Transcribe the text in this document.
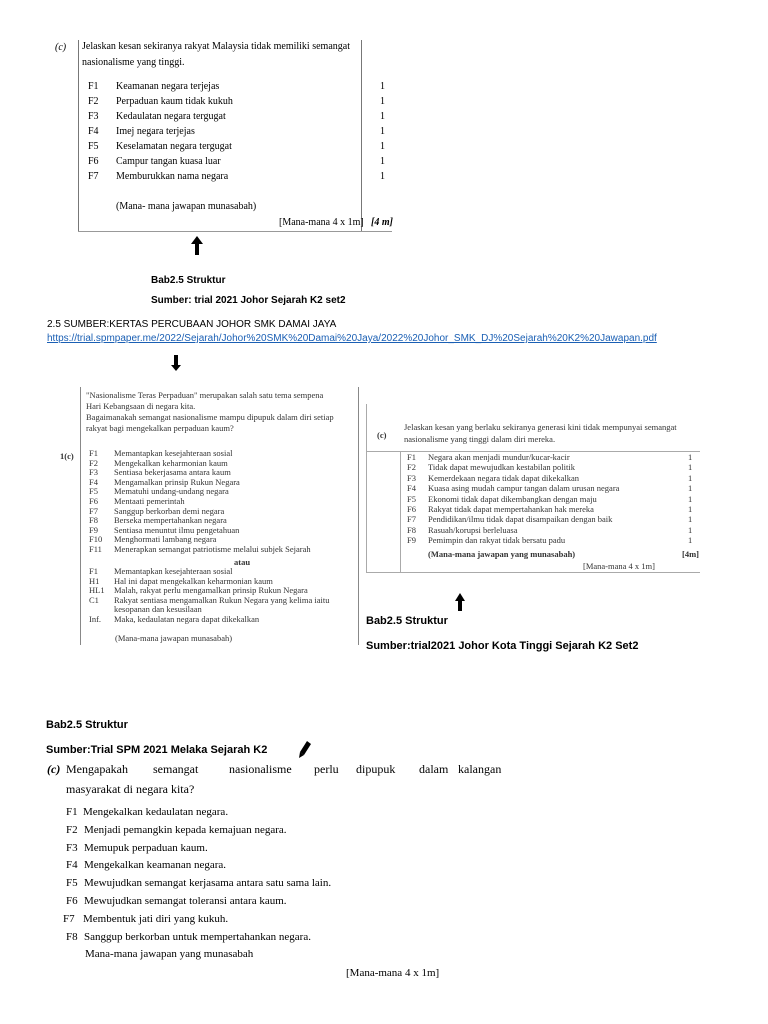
(c) Jelaskan kesan sekiranya rakyat Malaysia tidak memiliki semangat
nasionalisme yang tinggi.
F1 Keamanan negara terjejas	1
F2 Perpaduan kaum tidak kukuh	1
F3 Kedaulatan negara tergugat	1
F4 Imej negara terjejas	1
F5 Keselamatan negara tergugat	1
F6 Campur tangan kuasa luar	1
F7 Memburukkan nama negara	1
(Mana- mana jawapan munasabah)
[Mana-mana 4 x 1m] [4 m]
Bab2.5 Struktur
Sumber: trial 2021 Johor Sejarah K2 set2
2.5 SUMBER:KERTAS PERCUBAAN JOHOR SMK DAMAI JAYA
https://trial.spmpaper.me/2022/Sejarah/Johor%20SMK%20Damai%20Jaya/2022%20Johor_SMK_DJ%20Sejarah%20K2%20Jawapan.pdf
"Nasionalisme Teras Perpaduan" merupakan salah satu tema sempena
Hari Kebangsaan di negara kita.
Bagaimanakah semangat nasionalisme mampu dipupuk dalam diri setiap
rakyat bagi mengekalkan perpaduan kaum?
1(c) F1 Memantapkan kesejahteraan sosial
F2 Mengekalkan keharmonian kaum
F3 Sentiasa bekerjasama antara kaum
F4 Mengamalkan prinsip Rukun Negara
F5 Mematuhi undang-undang negara
F6 Mentaati pemerintah
F7 Sanggup berkorban demi negara
F8 Berseka mempertahankan negara
F9 Sentiasa menuntut ilmu pengetahuan
F10 Menghormati lambang negara
F11 Menerapkan semangat patriotisme melalui subjek Sejarah
atau
F1 Memantapkan kesejahteraan sosial
H1 Hal ini dapat mengekalkan keharmonian kaum
HL1 Malah, rakyat perlu mengamalkan prinsip Rukun Negara
C1 Rakyat sentiasa mengamalkan Rukun Negara yang kelima iaitu
kesopanan dan kesusilaan
Inf. Maka, kedaulatan negara dapat dikekalkan
(Mana-mana jawapan munasabah)
(c)
Jelaskan kesan yang berlaku sekiranya generasi kini tidak mempunyai semangat
nasionalisme yang tinggi dalam diri mereka.
F1 Negara akan menjadi mundur/kucar-kacir	1
F2 Tidak dapat mewujudkan kestabilan politik	1
F3 Kemerdekaan negara tidak dapat dikekalkan	1
F4 Kuasa asing mudah campur tangan dalam urusan negara	1
F5 Ekonomi tidak dapat dikembangkan dengan maju	1
F6 Rakyat tidak dapat mempertahankan hak mereka	1
F7 Pendidikan/ilmu tidak dapat disampaikan dengan baik	1
F8 Rasuah/korupsi berleluasa	1
F9 Pemimpin dan rakyat tidak bersatu padu	1
(Mana-mana jawapan yang munasabah)	[4m]
[Mana-mana 4 x 1m]
Bab2.5 Struktur
Sumber:trial2021 Johor Kota Tinggi Sejarah K2 Set2
Bab2.5 Struktur
Sumber:Trial SPM 2021 Melaka Sejarah K2
(c) Mengapakah semangat	nasionalisme perlu dipupuk dalam kalangan
masyarakat di negara kita?
F1 Mengekalkan kedaulatan negara.
F2 Menjadi pemangkin kepada kemajuan negara.
F3 Memupuk perpaduan kaum.
F4 Mengekalkan keamanan negara.
F5 Mewujudkan semangat kerjasama antara satu sama lain.
F6 Mewujudkan semangat toleransi antara kaum.
F7 Membentuk jati diri yang kukuh.
F8 Sanggup berkorban untuk mempertahankan negara.
Mana-mana jawapan yang munasabah
[Mana-mana 4 x 1m]
